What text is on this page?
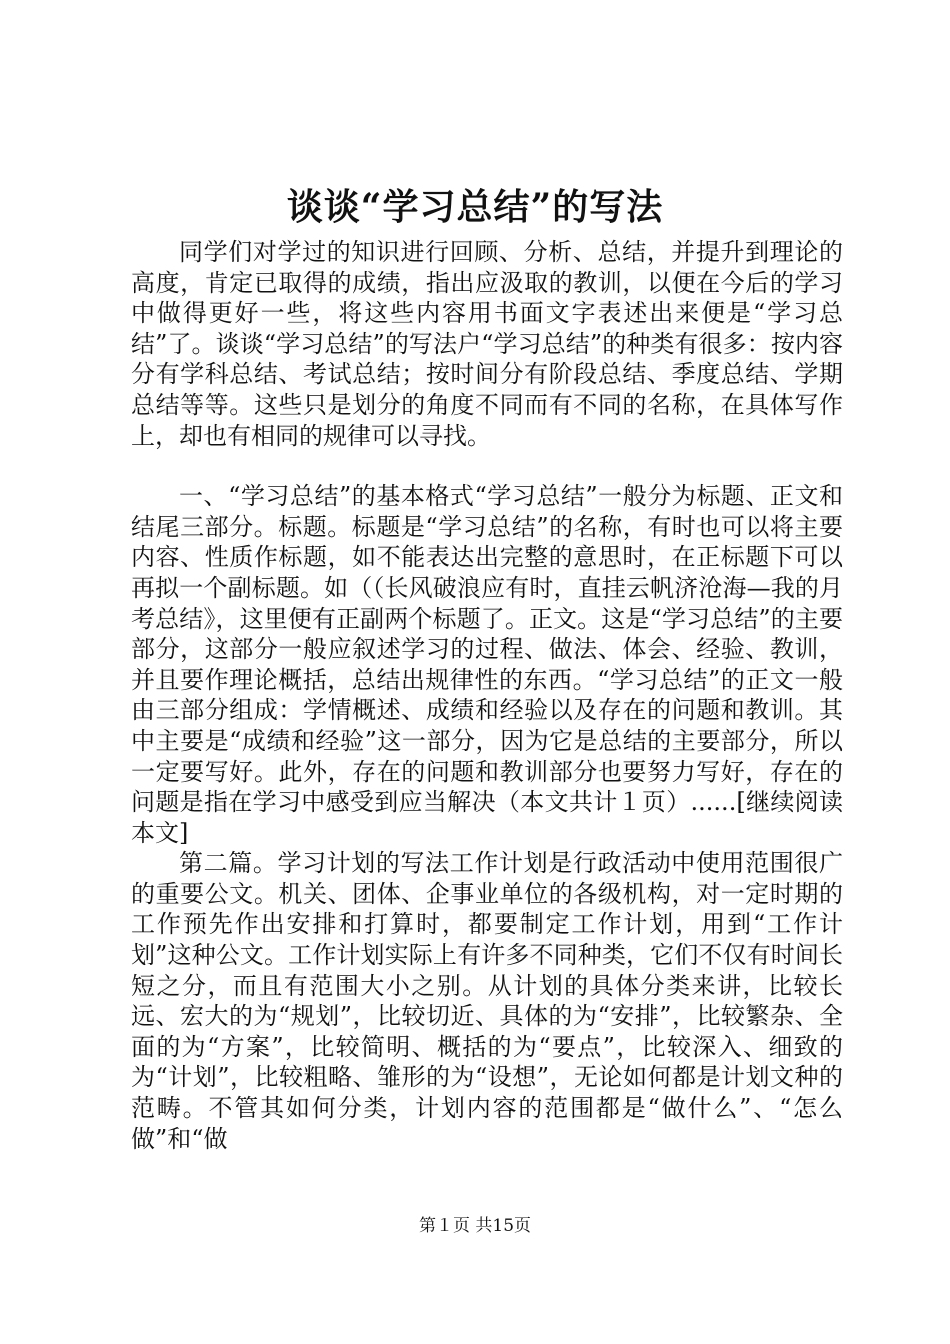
谈谈“学习总结”的写法

同学们对学过的知识进行回顾、分析、总结，并提升到理论的高度，肯定已取得的成绩，指出应汲取的教训，以便在今后的学习中做得更好一些，将这些内容用书面文字表述出来便是“学习总结”了。谈谈“学习总结”的写法户“学习总结”的种类有很多：按内容分有学科总结、考试总结；按时间分有阶段总结、季度总结、学期总结等等。这些只是划分的角度不同而有不同的名称，在具体写作上，却也有相同的规律可以寻找。

一、“学习总结”的基本格式“学习总结”一般分为标题、正文和结尾三部分。标题。标题是“学习总结”的名称，有时也可以将主要内容、性质作标题，如不能表达出完整的意思时，在正标题下可以再拟一个副标题。如（（长风破浪应有时，直挂云帆济沧海—我的月考总结》，这里便有正副两个标题了。正文。这是“学习总结”的主要部分，这部分一般应叙述学习的过程、做法、体会、经验、教训，并且要作理论概括，总结出规律性的东西。“学习总结”的正文一般由三部分组成：学情概述、成绩和经验以及存在的问题和教训。其中主要是“成绩和经验”这一部分，因为它是总结的主要部分，所以一定要写好。此外，存在的问题和教训部分也要努力写好，存在的问题是指在学习中感受到应当解决（本文共计１页）......[继续阅读本文]

第二篇。学习计划的写法工作计划是行政活动中使用范围很广的重要公文。机关、团体、企事业单位的各级机构，对一定时期的工作预先作出安排和打算时，都要制定工作计划，用到“工作计划”这种公文。工作计划实际上有许多不同种类，它们不仅有时间长短之分，而且有范围大小之别。从计划的具体分类来讲，比较长远、宏大的为“规划”，比较切近、具体的为“安排”，比较繁杂、全面的为“方案”，比较简明、概括的为“要点”，比较深入、细致的为“计划”，比较粗略、雏形的为“设想”，无论如何都是计划文种的范畴。不管其如何分类，计划内容的范围都是“做什么”、“怎么做”和“做

第１页 共15页
